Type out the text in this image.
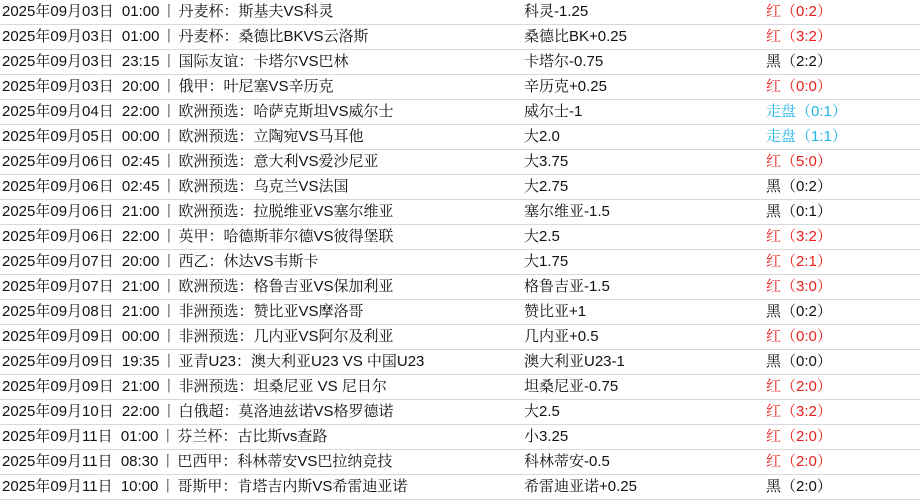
2025年09月03日 01:00 丨 丹麦杯：斯基夫VS科灵	科灵-1.25	红（0:2）
2025年09月03日 01:00 丨 丹麦杯：桑德比BKVS云洛斯	桑德比BK+0.25	红（3:2）
2025年09月03日 23:15 丨 国际友谊：卡塔尔VS巴林	卡塔尔-0.75	黑（2:2）
2025年09月03日 20:00 丨 俄甲：叶尼塞VS辛历克	辛历克+0.25	红（0:0）
2025年09月04日 22:00 丨 欧洲预选：哈萨克斯坦VS威尔士	威尔士-1	走盘（0:1）
2025年09月05日 00:00 丨 欧洲预选：立陶宛VS马耳他	大2.0	走盘（1:1）
2025年09月06日 02:45 丨 欧洲预选：意大利VS爱沙尼亚	大3.75	红（5:0）
2025年09月06日 02:45 丨 欧洲预选：乌克兰VS法国	大2.75	黑（0:2）
2025年09月06日 21:00 丨 欧洲预选：拉脱维亚VS塞尔维亚	塞尔维亚-1.5	黑（0:1）
2025年09月06日 22:00 丨 英甲：哈德斯菲尔德VS彼得堡联	大2.5	红（3:2）
2025年09月07日 20:00 丨 西乙：休达VS韦斯卡	大1.75	红（2:1）
2025年09月07日 21:00 丨 欧洲预选：格鲁吉亚VS保加利亚	格鲁吉亚-1.5	红（3:0）
2025年09月08日 21:00 丨 非洲预选：赞比亚VS摩洛哥	赞比亚+1	黑（0:2）
2025年09月09日 00:00 丨 非洲预选：几内亚VS阿尔及利亚	几内亚+0.5	红（0:0）
2025年09月09日 19:35 丨 亚青U23：澳大利亚U23 VS 中国U23	澳大利亚U23-1	黑（0:0）
2025年09月09日 21:00 丨 非洲预选：坦桑尼亚 VS 尼日尔	坦桑尼亚-0.75	红（2:0）
2025年09月10日 22:00 丨 白俄超：莫洛迪兹诺VS格罗德诺	大2.5	红（3:2）
2025年09月11日 01:00 丨 芬兰杯：古比斯vs查路	小3.25	红（2:0）
2025年09月11日 08:30 丨 巴西甲：科林蒂安VS巴拉纳竞技	科林蒂安-0.5	红（2:0）
2025年09月11日 10:00 丨 哥斯甲：肯塔吉内斯VS希雷迪亚诺	希雷迪亚诺+0.25	黑（2:0）
